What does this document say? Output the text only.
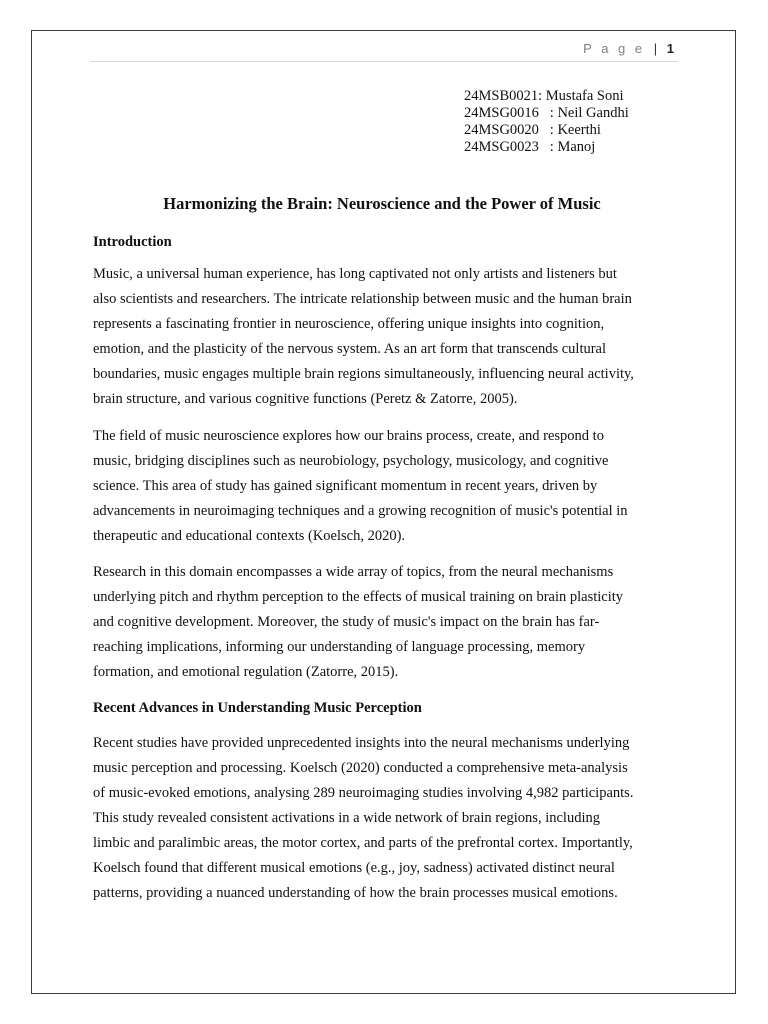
P a g e | 1
24MSB0021: Mustafa Soni
24MSG0016   : Neil Gandhi
24MSG0020   : Keerthi
24MSG0023   : Manoj
Harmonizing the Brain: Neuroscience and the Power of Music
Introduction
Music, a universal human experience, has long captivated not only artists and listeners but
also scientists and researchers. The intricate relationship between music and the human brain
represents a fascinating frontier in neuroscience, offering unique insights into cognition,
emotion, and the plasticity of the nervous system. As an art form that transcends cultural
boundaries, music engages multiple brain regions simultaneously, influencing neural activity,
brain structure, and various cognitive functions (Peretz & Zatorre, 2005).
The field of music neuroscience explores how our brains process, create, and respond to
music, bridging disciplines such as neurobiology, psychology, musicology, and cognitive
science. This area of study has gained significant momentum in recent years, driven by
advancements in neuroimaging techniques and a growing recognition of music's potential in
therapeutic and educational contexts (Koelsch, 2020).
Research in this domain encompasses a wide array of topics, from the neural mechanisms
underlying pitch and rhythm perception to the effects of musical training on brain plasticity
and cognitive development. Moreover, the study of music's impact on the brain has far-
reaching implications, informing our understanding of language processing, memory
formation, and emotional regulation (Zatorre, 2015).
Recent Advances in Understanding Music Perception
Recent studies have provided unprecedented insights into the neural mechanisms underlying
music perception and processing. Koelsch (2020) conducted a comprehensive meta-analysis
of music-evoked emotions, analysing 289 neuroimaging studies involving 4,982 participants.
This study revealed consistent activations in a wide network of brain regions, including
limbic and paralimbic areas, the motor cortex, and parts of the prefrontal cortex. Importantly,
Koelsch found that different musical emotions (e.g., joy, sadness) activated distinct neural
patterns, providing a nuanced understanding of how the brain processes musical emotions.
